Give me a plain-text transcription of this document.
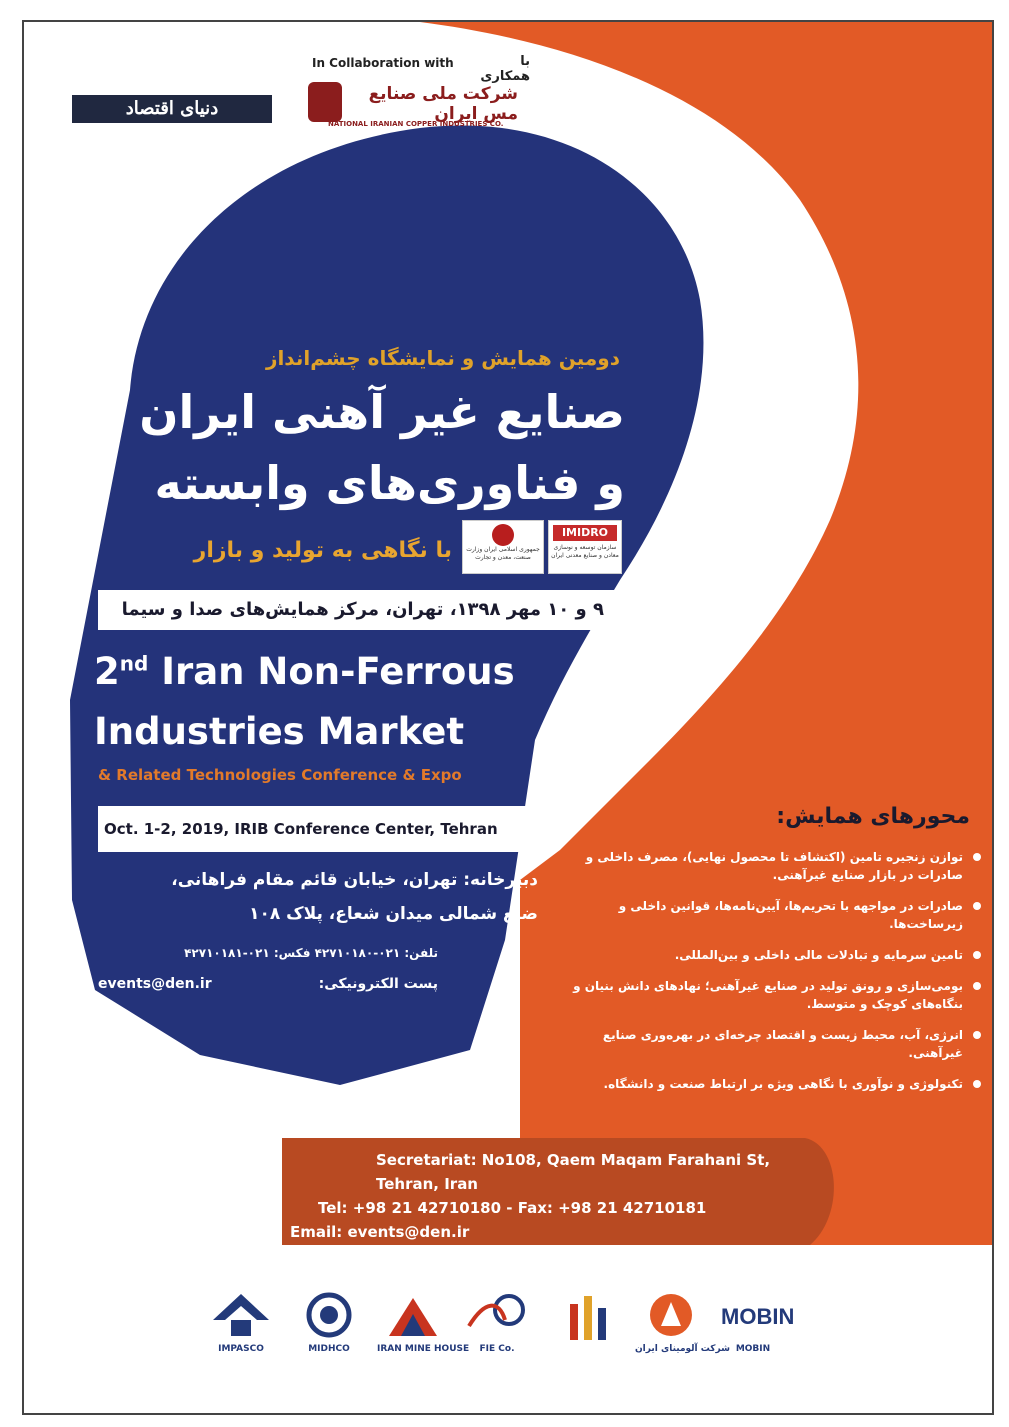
In Collaboration with	با همکاری
دنیای اقتصاد
شرکت ملی صنایع مس ایران
NATIONAL IRANIAN COPPER INDUSTRIES CO.
دومین همایش و نمایشگاه چشم‌انداز
صنایع غیر آهنی ایران
و فناوری‌های وابسته
با نگاهی به تولید و بازار	جمهوری اسلامی ایران وزارت صنعت، معدن و تجارت
IMIDRO
سازمان توسعه و نوسازی معادن و صنایع معدنی ایران
۹ و ۱۰ مهر ۱۳۹۸، تهران، مرکز همایش‌های صدا و سیما
2nd Iran Non-Ferrous
Industries Market
& Related Technologies Conference & Expo
Oct. 1-2, 2019, IRIB Conference Center, Tehran
دبیرخانه: تهران، خیابان قائم مقام فراهانی،
ضلع شمالی میدان شعاع، پلاک ۱۰۸
تلفن: ۰۲۱-۴۲۷۱۰۱۸۰ فکس: ۰۲۱-۴۲۷۱۰۱۸۱
پست الکترونیکی:
events@den.ir
محورهای همایش:
توازن زنجیره تامین (اکتشاف تا محصول نهایی)، مصرف داخلی و صادرات در بازار صنایع غیرآهنی.
صادرات در مواجهه با تحریم‌ها، آیین‌نامه‌ها، قوانین داخلی و زیرساخت‌ها.
تامین سرمایه و تبادلات مالی داخلی و بین‌المللی.
بومی‌سازی و رونق تولید در صنایع غیرآهنی؛ نهادهای دانش بنیان و بنگاه‌های کوچک و متوسط.
انرژی، آب، محیط زیست و اقتصاد چرخه‌ای در بهره‌وری صنایع غیرآهنی.
تکنولوژی و نوآوری با نگاهی ویژه بر ارتباط صنعت و دانشگاه.
Secretariat: No108, Qaem Maqam Farahani St,
Tehran, Iran
Tel: +98 21 42710180 - Fax: +98 21 42710181
Email: events@den.ir
IMPASCO	MIDHCO	IRAN MINE HOUSE	FIE Co.	شرکت آلومینای ایران
MOBIN
MOBIN
